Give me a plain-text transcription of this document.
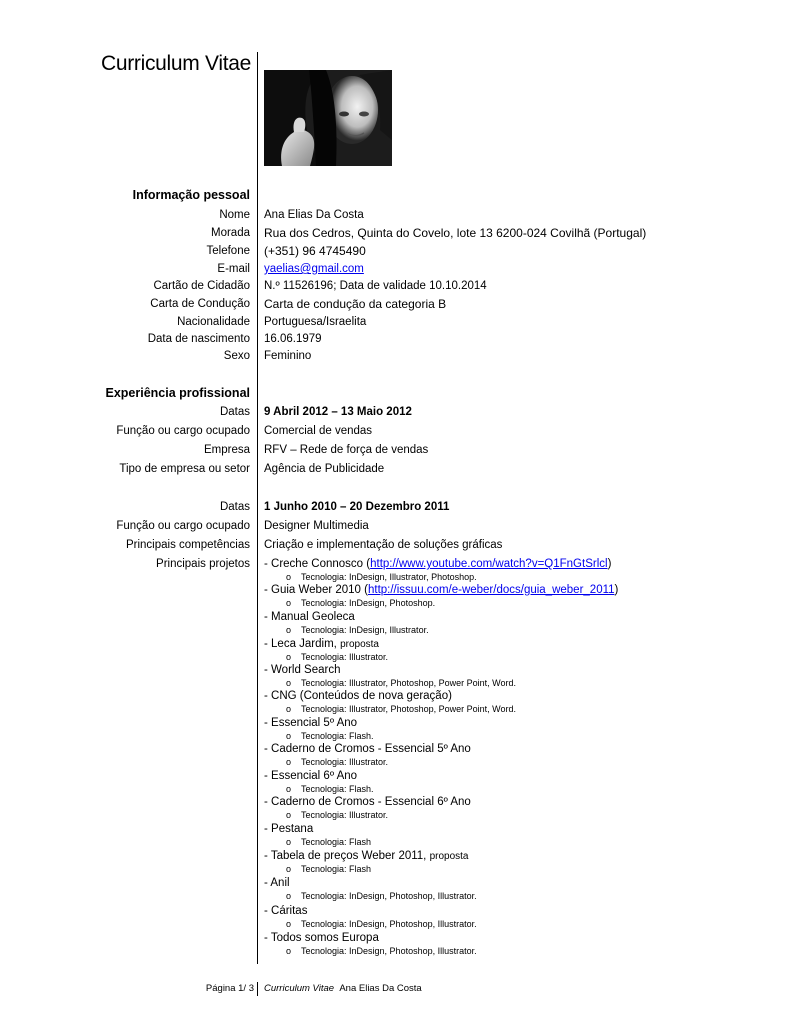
Curriculum Vitae
Informação pessoal
Nome Ana Elias Da Costa
Morada Rua dos Cedros, Quinta do Covelo, lote 13 6200-024 Covilhã (Portugal)
Telefone (+351) 96 4745490
E-mail yaelias@gmail.com
Cartão de Cidadão N.º 11526196; Data de validade 10.10.2014
Carta de Condução Carta de condução da categoria B
Nacionalidade Portuguesa/Israelita
Data de nascimento 16.06.1979
Sexo Feminino
Experiência profissional
Datas 9 Abril 2012 – 13 Maio 2012
Função ou cargo ocupado Comercial de vendas
Empresa RFV – Rede de força de vendas
Tipo de empresa ou setor Agência de Publicidade
Datas 1 Junho 2010 – 20 Dezembro 2011
Função ou cargo ocupado Designer Multimedia
Principais competências Criação e implementação de soluções gráficas
Principais projetos - Creche Connosco (http://www.youtube.com/watch?v=Q1FnGtSrlcl)
o Tecnologia: InDesign, Illustrator, Photoshop.
- Guia Weber 2010 (http://issuu.com/e-weber/docs/guia_weber_2011)
o Tecnologia: InDesign, Photoshop.
- Manual Geoleca
o Tecnologia: InDesign, Illustrator.
- Leca Jardim, proposta
o Tecnologia: Illustrator.
- World Search
o Tecnologia: Illustrator, Photoshop, Power Point, Word.
- CNG (Conteúdos de nova geração)
o Tecnologia: Illustrator, Photoshop, Power Point, Word.
- Essencial 5º Ano
o Tecnologia: Flash.
- Caderno de Cromos - Essencial 5º Ano
o Tecnologia: Illustrator.
- Essencial 6º Ano
o Tecnologia: Flash.
- Caderno de Cromos - Essencial 6º Ano
o Tecnologia: Illustrator.
- Pestana
o Tecnologia: Flash
- Tabela de preços Weber 2011, proposta
o Tecnologia: Flash
- Anil
o Tecnologia: InDesign, Photoshop, Illustrator.
- Cáritas
o Tecnologia: InDesign, Photoshop, Illustrator.
- Todos somos Europa
o Tecnologia: InDesign, Photoshop, Illustrator.
Página 1/ 3 Curriculum Vitae Ana Elias Da Costa
